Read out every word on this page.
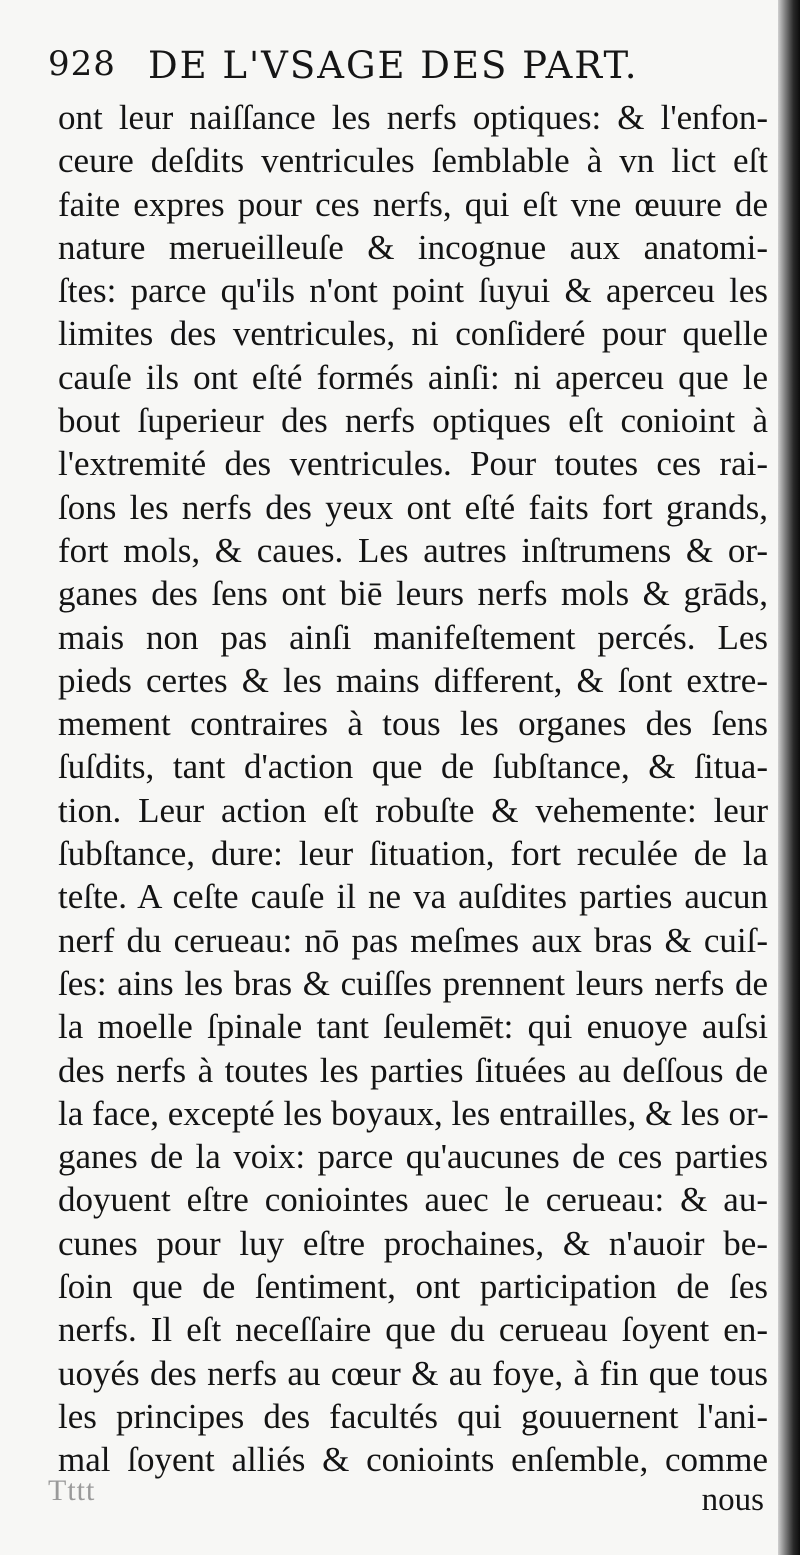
928 DE L'VSAGE DES PART.
ont leur naiſſance les nerfs optiques: & l'enfon-
ceure deſdits ventricules ſemblable à vn lict eſt
faite expres pour ces nerfs, qui eſt vne œuure de
nature merueilleuſe & incognue aux anatomi-
ſtes: parce qu'ils n'ont point ſuyui & aperceu les
limites des ventricules, ni conſideré pour quelle
cauſe ils ont eſté formés ainſi: ni aperceu que le
bout ſuperieur des nerfs optiques eſt conioint à
l'extremité des ventricules. Pour toutes ces rai-
ſons les nerfs des yeux ont eſté faits fort grands,
fort mols, & caues. Les autres inſtrumens & or-
ganes des ſens ont biē leurs nerfs mols & grāds,
mais non pas ainſi manifeſtement percés. Les
pieds certes & les mains different, & ſont extre-
mement contraires à tous les organes des ſens
ſuſdits, tant d'action que de ſubſtance, & ſitua-
tion. Leur action eſt robuſte & vehemente: leur
ſubſtance, dure: leur ſituation, fort reculée de la
teſte. A ceſte cauſe il ne va auſdites parties aucun
nerf du cerueau: nō pas meſmes aux bras & cuiſ-
ſes: ains les bras & cuiſſes prennent leurs nerfs de
la moelle ſpinale tant ſeulemēt: qui enuoye auſsi
des nerfs à toutes les parties ſituées au deſſous de
la face, excepté les boyaux, les entrailles, & les or-
ganes de la voix: parce qu'aucunes de ces parties
doyuent eſtre coniointes auec le cerueau: & au-
cunes pour luy eſtre prochaines, & n'auoir be-
ſoin que de ſentiment, ont participation de ſes
nerfs. Il eſt neceſſaire que du cerueau ſoyent en-
uoyés des nerfs au cœur & au foye, à fin que tous
les principes des facultés qui gouuernent l'ani-
mal ſoyent alliés & conioints enſemble, comme
Tttt	nous
